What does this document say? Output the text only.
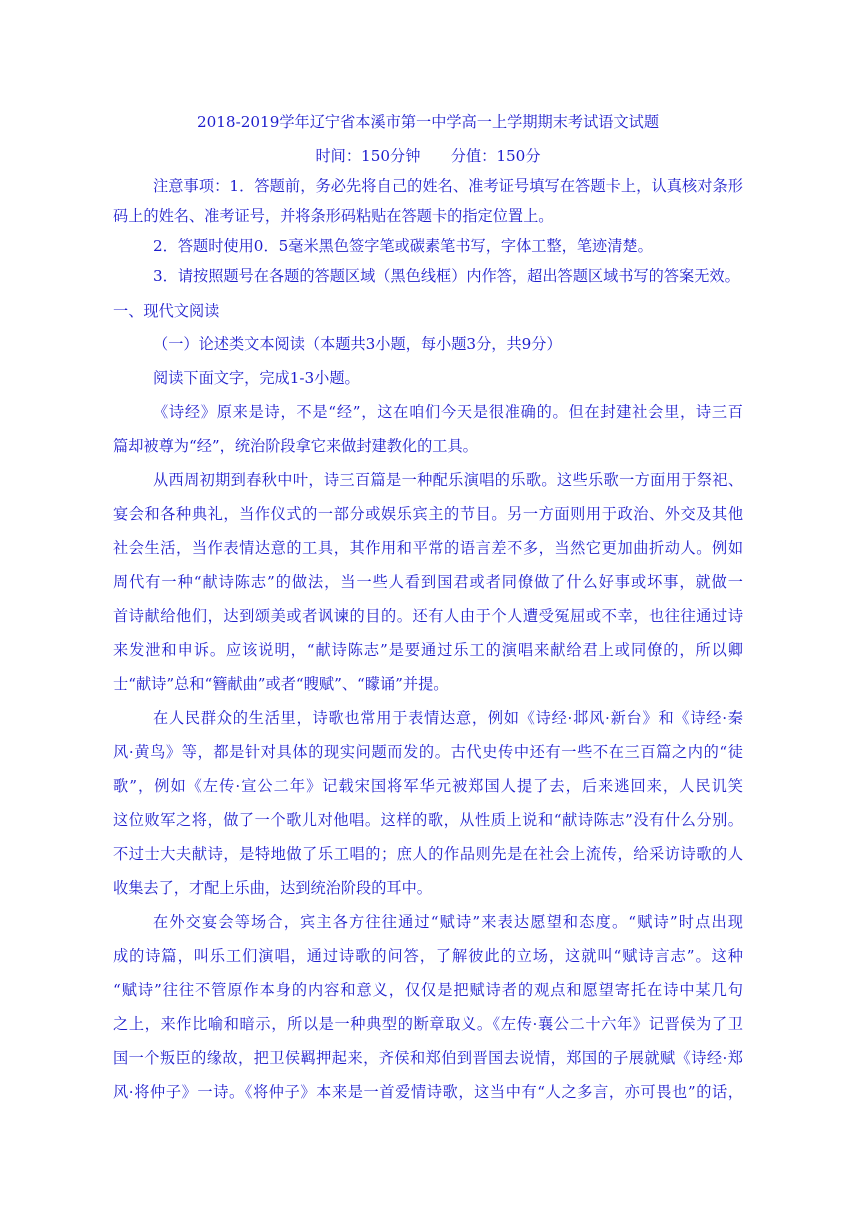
2018-2019学年辽宁省本溪市第一中学高一上学期期末考试语文试题
时间：150分钟　　分值：150分
注意事项：1．答题前，务必先将自己的姓名、准考证号填写在答题卡上，认真核对条形
码上的姓名、准考证号，并将条形码粘贴在答题卡的指定位置上。
2．答题时使用0．5毫米黑色签字笔或碳素笔书写，字体工整，笔迹清楚。
3．请按照题号在各题的答题区域（黑色线框）内作答，超出答题区域书写的答案无效。
一、现代文阅读
（一）论述类文本阅读（本题共3小题，每小题3分，共9分）
阅读下面文字，完成1-3小题。
《诗经》原来是诗，不是“经”，这在咱们今天是很准确的。但在封建社会里，诗三百
篇却被尊为“经”，统治阶段拿它来做封建教化的工具。
从西周初期到春秋中叶，诗三百篇是一种配乐演唱的乐歌。这些乐歌一方面用于祭祀、
宴会和各种典礼，当作仪式的一部分或娱乐宾主的节目。另一方面则用于政治、外交及其他
社会生活，当作表情达意的工具，其作用和平常的语言差不多，当然它更加曲折动人。例如
周代有一种“献诗陈志”的做法，当一些人看到国君或者同僚做了什么好事或坏事，就做一
首诗献给他们，达到颂美或者讽谏的目的。还有人由于个人遭受冤屈或不幸，也往往通过诗
来发泄和申诉。应该说明，“献诗陈志”是要通过乐工的演唱来献给君上或同僚的，所以卿
士“献诗”总和“簪献曲”或者“瞍赋”、“矇诵”并提。
在人民群众的生活里，诗歌也常用于表情达意，例如《诗经·邶风·新台》和《诗经·秦
风·黄鸟》等，都是针对具体的现实问题而发的。古代史传中还有一些不在三百篇之内的“徒
歌”，例如《左传·宣公二年》记载宋国将军华元被郑国人提了去，后来逃回来，人民讥笑
这位败军之将，做了一个歌儿对他唱。这样的歌，从性质上说和“献诗陈志”没有什么分别。
不过士大夫献诗，是特地做了乐工唱的；庶人的作品则先是在社会上流传，给采访诗歌的人
收集去了，才配上乐曲，达到统治阶段的耳中。
在外交宴会等场合，宾主各方往往通过“赋诗”来表达愿望和态度。“赋诗”时点出现
成的诗篇，叫乐工们演唱，通过诗歌的问答，了解彼此的立场，这就叫“赋诗言志”。这种
“赋诗”往往不管原作本身的内容和意义，仅仅是把赋诗者的观点和愿望寄托在诗中某几句
之上，来作比喻和暗示，所以是一种典型的断章取义。《左传·襄公二十六年》记晋侯为了卫
国一个叛臣的缘故，把卫侯羁押起来，齐侯和郑伯到晋国去说情，郑国的子展就赋《诗经·郑
风·将仲子》一诗。《将仲子》本来是一首爱情诗歌，这当中有“人之多言，亦可畏也”的话，
